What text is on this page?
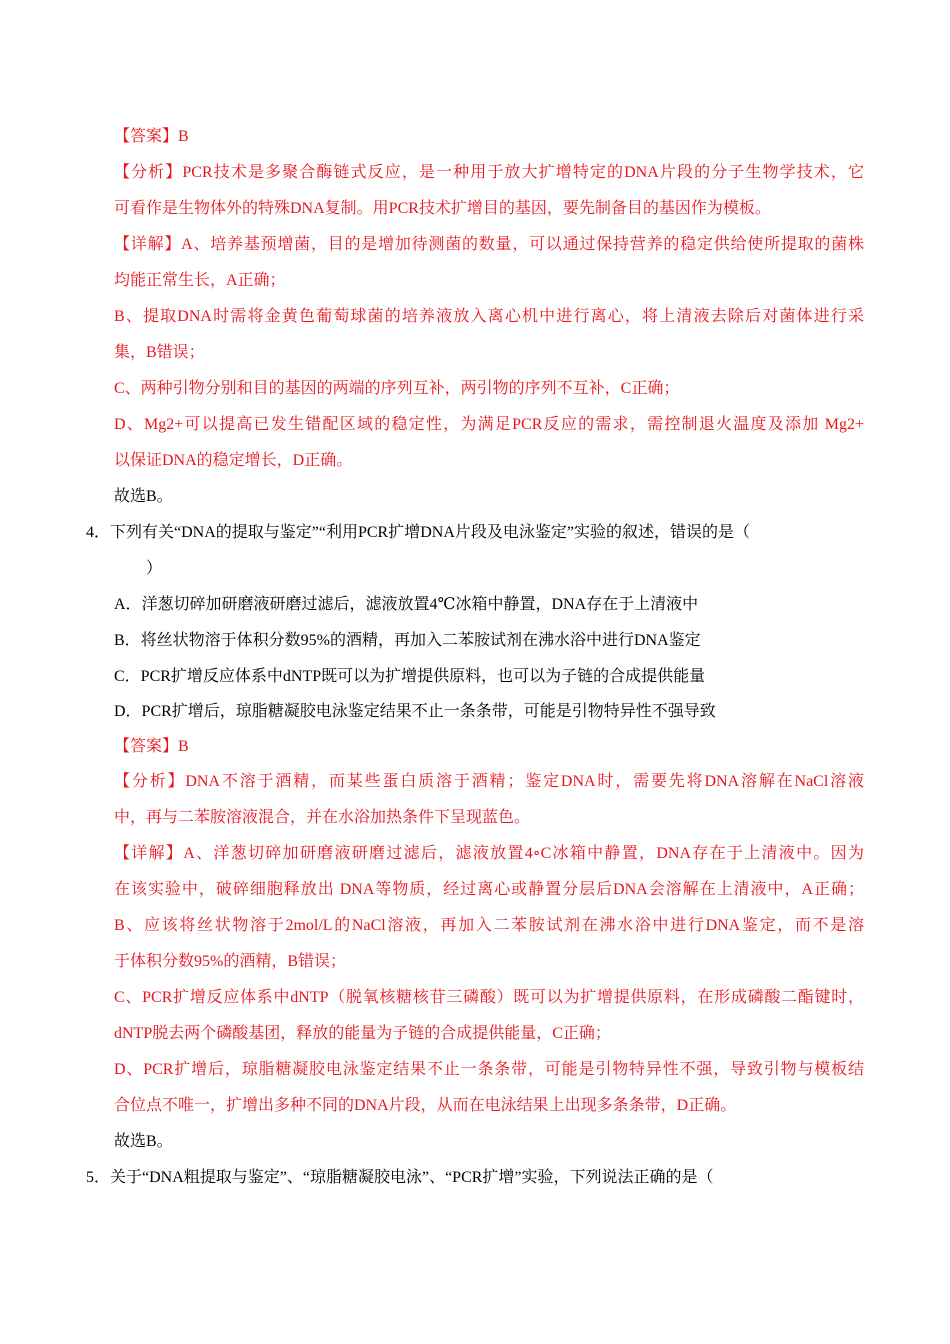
【答案】B
【分析】PCR技术是多聚合酶链式反应，是一种用于放大扩增特定的DNA片段的分子生物学技术，它
可看作是生物体外的特殊DNA复制。用PCR技术扩增目的基因，要先制备目的基因作为模板。
【详解】A、培养基预增菌，目的是增加待测菌的数量，可以通过保持营养的稳定供给使所提取的菌株
均能正常生长，A正确；
B、提取DNA时需将金黄色葡萄球菌的培养液放入离心机中进行离心，将上清液去除后对菌体进行采
集，B错误；
C、两种引物分别和目的基因的两端的序列互补，两引物的序列不互补，C正确；
D、Mg2+可以提高已发生错配区域的稳定性，为满足PCR反应的需求，需控制退火温度及添加 Mg2+
以保证DNA的稳定增长，D正确。
故选B。
4．下列有关“DNA的提取与鉴定”“利用PCR扩增DNA片段及电泳鉴定”实验的叙述，错误的是（
）
A．洋葱切碎加研磨液研磨过滤后，滤液放置4℃冰箱中静置，DNA存在于上清液中
B．将丝状物溶于体积分数95%的酒精，再加入二苯胺试剂在沸水浴中进行DNA鉴定
C．PCR扩增反应体系中dNTP既可以为扩增提供原料，也可以为子链的合成提供能量
D．PCR扩增后，琼脂糖凝胶电泳鉴定结果不止一条条带，可能是引物特异性不强导致
【答案】B
【分析】DNA不溶于酒精，而某些蛋白质溶于酒精；鉴定DNA时，需要先将DNA溶解在NaCl溶液
中，再与二苯胺溶液混合，并在水浴加热条件下呈现蓝色。
【详解】A、洋葱切碎加研磨液研磨过滤后，滤液放置4∘C冰箱中静置，DNA存在于上清液中。因为
在该实验中，破碎细胞释放出 DNA等物质，经过离心或静置分层后DNA会溶解在上清液中，A正确；
B、应该将丝状物溶于2mol/L的NaCl溶液，再加入二苯胺试剂在沸水浴中进行DNA鉴定，而不是溶
于体积分数95%的酒精，B错误；
C、PCR扩增反应体系中dNTP（脱氧核糖核苷三磷酸）既可以为扩增提供原料，在形成磷酸二酯键时，
dNTP脱去两个磷酸基团，释放的能量为子链的合成提供能量，C正确；
D、PCR扩增后，琼脂糖凝胶电泳鉴定结果不止一条条带，可能是引物特异性不强，导致引物与模板结
合位点不唯一，扩增出多种不同的DNA片段，从而在电泳结果上出现多条条带，D正确。
故选B。
5．关于“DNA粗提取与鉴定”、“琼脂糖凝胶电泳”、“PCR扩增”实验，下列说法正确的是（
